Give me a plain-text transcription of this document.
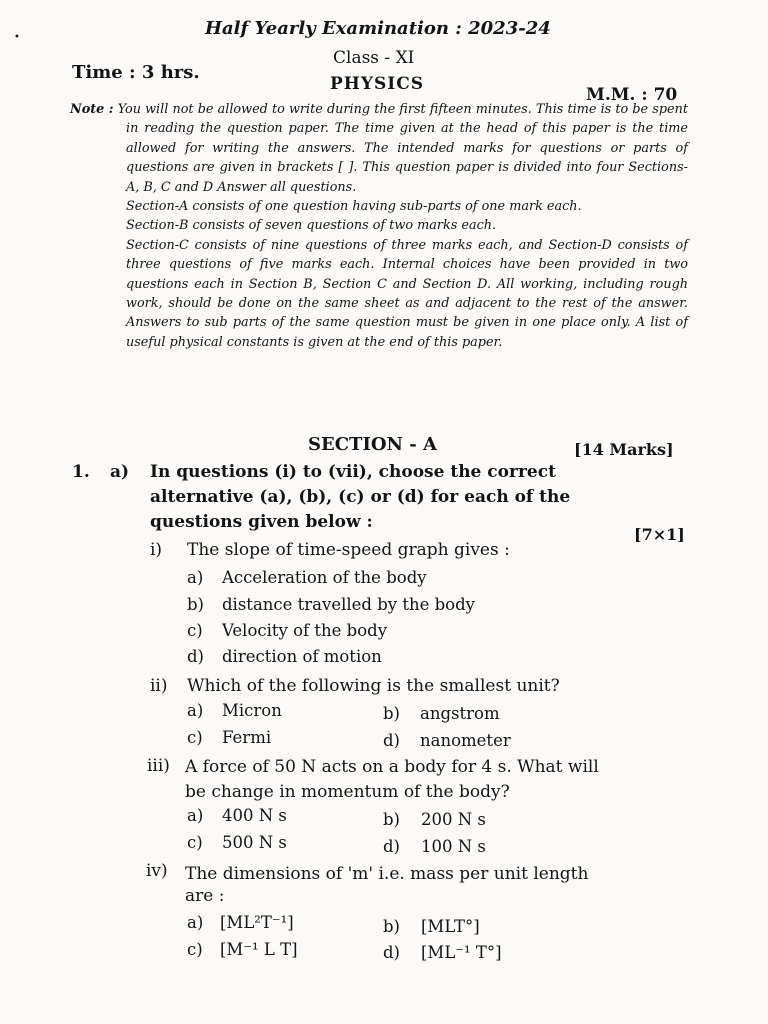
•	Half Yearly Examination : 2023-24
Class - XI
PHYSICS
Time : 3 hrs.
M.M. : 70

Note : You will not be allowed to write during the first fifteen minutes. This time is to be spent in reading the question paper. The time given at the head of this paper is the time allowed for writing the answers. The intended marks for questions or parts of questions are given in brackets [ ]. This question paper is divided into four Sections- A, B, C and D Answer all questions.

Section-A consists of one question having sub-parts of one mark each.

Section-B consists of seven questions of two marks each.

Section-C consists of nine questions of three marks each, and Section-D consists of three questions of five marks each. Internal choices have been provided in two questions each in Section B, Section C and Section D. All working, including rough work, should be done on the same sheet as and adjacent to the rest of the answer. Answers to sub parts of the same question must be given in one place only. A list of useful physical constants is given at the end of this paper.

SECTION - A	[14 Marks]
1. a) In questions (i) to (vii), choose the correct alternative (a), (b), (c) or (d) for each of the questions given below :
[7×1]
i) The slope of time-speed graph gives :
a) Acceleration of the body
b) distance travelled by the body
c) Velocity of the body
d) direction of motion
ii) Which of the following is the smallest unit?
a) Micron	b) angstrom
c) Fermi	d) nanometer
iii) A force of 50 N acts on a body for 4 s. What will
be change in momentum of the body?
a) 400 N s	b) 200 N s
c) 500 N s	d) 100 N s
iv) The dimensions of 'm' i.e. mass per unit length
are :
a) [ML²T⁻¹]	b) [MLT°]
c) [M⁻¹ L T]	d) [ML⁻¹ T°]
